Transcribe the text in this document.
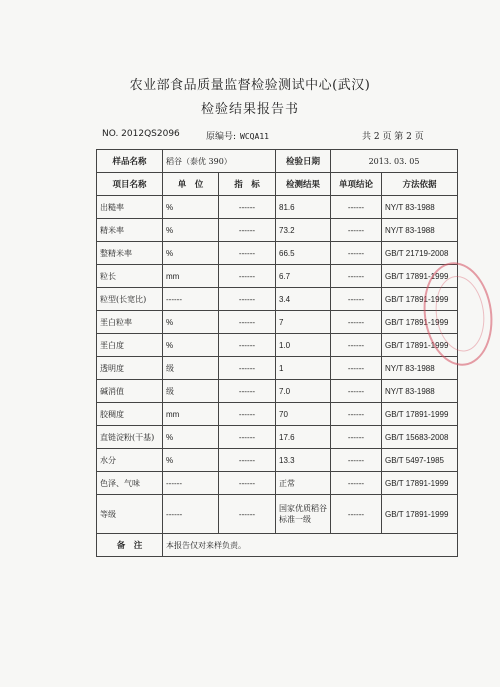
农业部食品质量监督检验测试中心(武汉)
检验结果报告书
NO. 2012QS2096	原编号: WCQA11	共 2 页 第 2 页
样品名称	稻谷（泰优 390）		检验日期	2013. 03. 05	
项目名称	单　位	指　标	检测结果	单项结论	方法依据
出糙率	%	------	81.6	------	NY/T 83-1988
精米率	%	------	73.2	------	NY/T 83-1988
整精米率	%	------	66.5	------	GB/T 21719-2008
粒长	mm	------	6.7	------	GB/T 17891-1999
粒型(长宽比)	------	------	3.4	------	GB/T 17891-1999
垩白粒率	%	------	7	------	GB/T 17891-1999
垩白度	%	------	1.0	------	GB/T 17891-1999
透明度	级	------	1	------	NY/T 83-1988
碱消值	级	------	7.0	------	NY/T 83-1988
胶稠度	mm	------	70	------	GB/T 17891-1999
直链淀粉(干基)	%	------	17.6	------	GB/T 15683-2008
水分	%	------	13.3	------	GB/T 5497-1985
色泽、气味	------	------	正常	------	GB/T 17891-1999
等级	------	------	国家优质稻谷标准一级	------	GB/T 17891-1999
备　注	本报告仅对来样负责。				
